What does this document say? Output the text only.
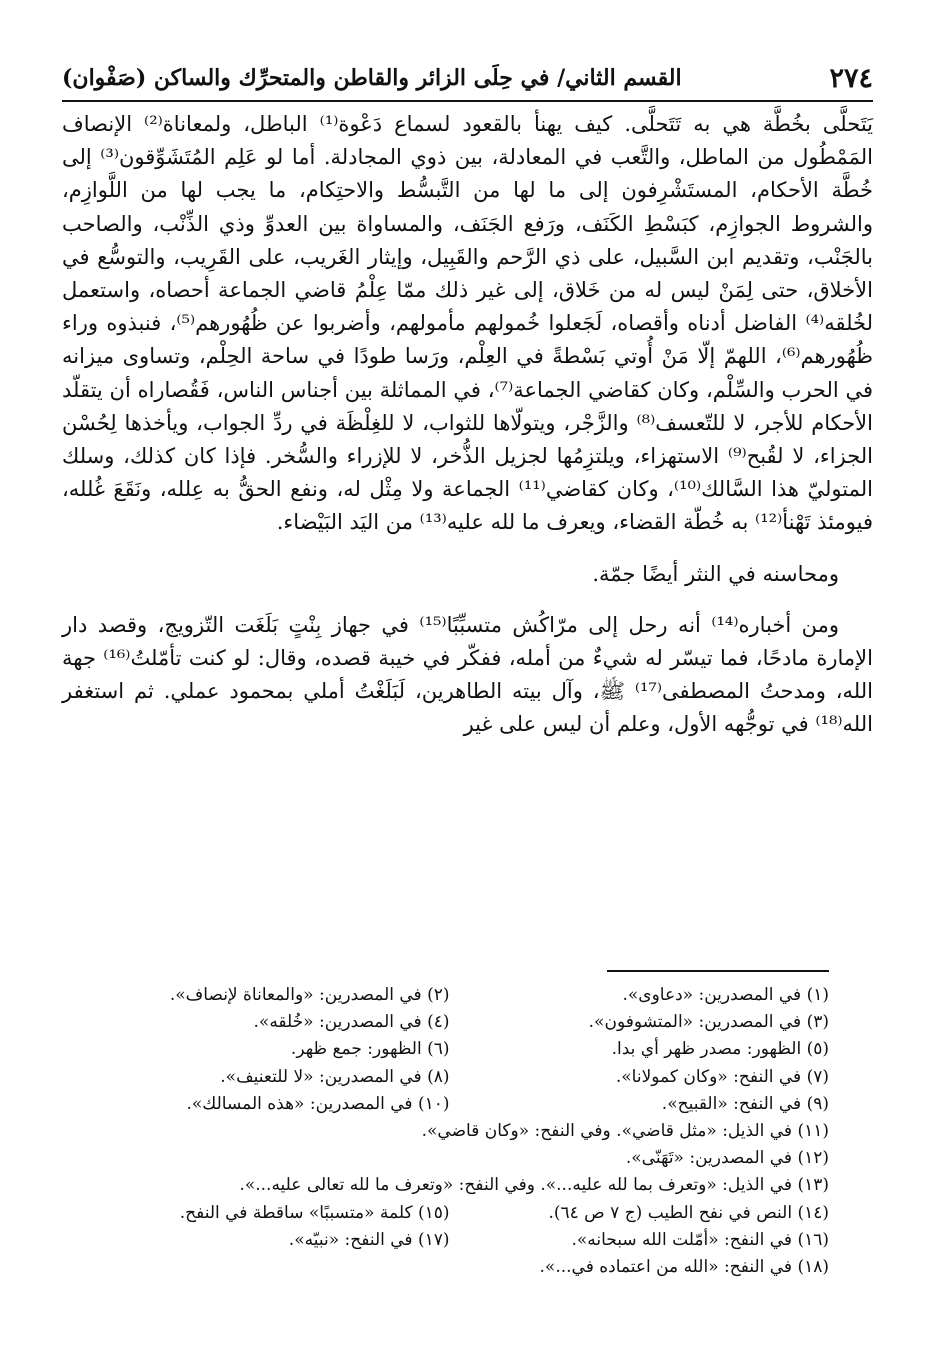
٢٧٤
القسم الثاني/ في حِلَى الزائر والقاطن والمتحرِّك والساكن (صَفْوان)

يَتَحلَّى بخُطَّة هي به تَتَحلَّى. كيف يهنأ بالقعود لسماع دَعْوة⁽¹⁾ الباطل، ولمعاناة⁽²⁾ الإنصاف المَمْطُول من الماطل، والتَّعب في المعادلة، بين ذوي المجادلة. أما لو عَلِم المُتَشَوِّقون⁽³⁾ إلى خُطَّة الأحكام، المستَشْرِفون إلى ما لها من التَّبسُّط والاحتِكام، ما يجب لها من اللَّوازِم، والشروط الجوازِم، كبَسْطِ الكَنَف، ورَفع الجَنَف، والمساواة بين العدوِّ وذي الذِّنْب، والصاحب بالجَنْب، وتقديم ابن السَّبيل، على ذي الرَّحم والقَبِيل، وإيثار الغَريب، على القَرِيب، والتوسُّع في الأخلاق، حتى لِمَنْ ليس له من خَلاق، إلى غير ذلك ممّا عِلْمُ قاضي الجماعة أحصاه، واستعمل لخُلقه⁽⁴⁾ الفاضل أدناه وأقصاه، لَجَعلوا خُمولهم مأمولهم، وأضربوا عن ظُهُورهم⁽⁵⁾، فنبذوه وراء ظُهُورهم⁽⁶⁾، اللهمّ إلّا مَنْ أُوتي بَسْطةً في العِلْم، ورَسا طودًا في ساحة الحِلْم، وتساوى ميزانه في الحرب والسِّلْم، وكان كقاضي الجماعة⁽⁷⁾، في المماثلة بين أجناس الناس، فَقُصاراه أن يتقلّد الأحكام للأجر، لا للتّعسف⁽⁸⁾ والزَّجْر، ويتولّاها للثواب، لا للغِلْظَة في ردِّ الجواب، ويأخذها لِحُسْن الجزاء، لا لقُبح⁽⁹⁾ الاستهزاء، ويلتزِمُها لجزيل الذُّخر، لا للإزراء والسُّخر. فإذا كان كذلك، وسلك المتوليّ هذا السَّالك⁽¹⁰⁾، وكان كقاضي⁽¹¹⁾ الجماعة ولا مِثْل له، ونفع الحقُّ به عِلله، ونَقَعَ غُلله، فيومئذ تَهْنأ⁽¹²⁾ به خُطّة القضاء، ويعرف ما لله عليه⁽¹³⁾ من اليَد البَيْضاء.

ومحاسنه في النثر أيضًا جمّة.

ومن أخباره⁽¹⁴⁾ أنه رحل إلى مرّاكُش متسبِّبًا⁽¹⁵⁾ في جهاز بِنْتٍ بَلَغَت التّزويج، وقصد دار الإمارة مادحًا، فما تيسّر له شيءٌ من أمله، ففكّر في خيبة قصده، وقال: لو كنت تأمّلتُ⁽¹⁶⁾ جهة الله، ومدحتُ المصطفى⁽¹⁷⁾ ﷺ، وآل بيته الطاهرين، لَبَلَغْتُ أملي بمحمود عملي. ثم استغفر الله⁽¹⁸⁾ في توجُّهه الأول، وعلم أن ليس على غير

(١) في المصدرين: «دعاوى».
(٢) في المصدرين: «والمعاناة لإنصاف».
(٣) في المصدرين: «المتشوفون».
(٤) في المصدرين: «خُلقه».
(٥) الظهور: مصدر ظهر أي بدا.
(٦) الظهور: جمع ظهر.
(٧) في النفح: «وكان كمولانا».
(٨) في المصدرين: «لا للتعنيف».
(٩) في النفح: «القبيح».
(١٠) في المصدرين: «هذه المسالك».
(١١) في الذيل: «مثل قاضي». وفي النفح: «وكان قاضي».
(١٢) في المصدرين: «تَهَنّى».
(١٣) في الذيل: «وتعرف بما لله عليه...». وفي النفح: «وتعرف ما لله تعالى عليه...».
(١٤) النص في نفح الطيب (ج ٧ ص ٦٤).
(١٥) كلمة «متسببًا» ساقطة في النفح.
(١٦) في النفح: «أمّلت الله سبحانه».
(١٧) في النفح: «نبيّه».
(١٨) في النفح: «الله من اعتماده في...».
